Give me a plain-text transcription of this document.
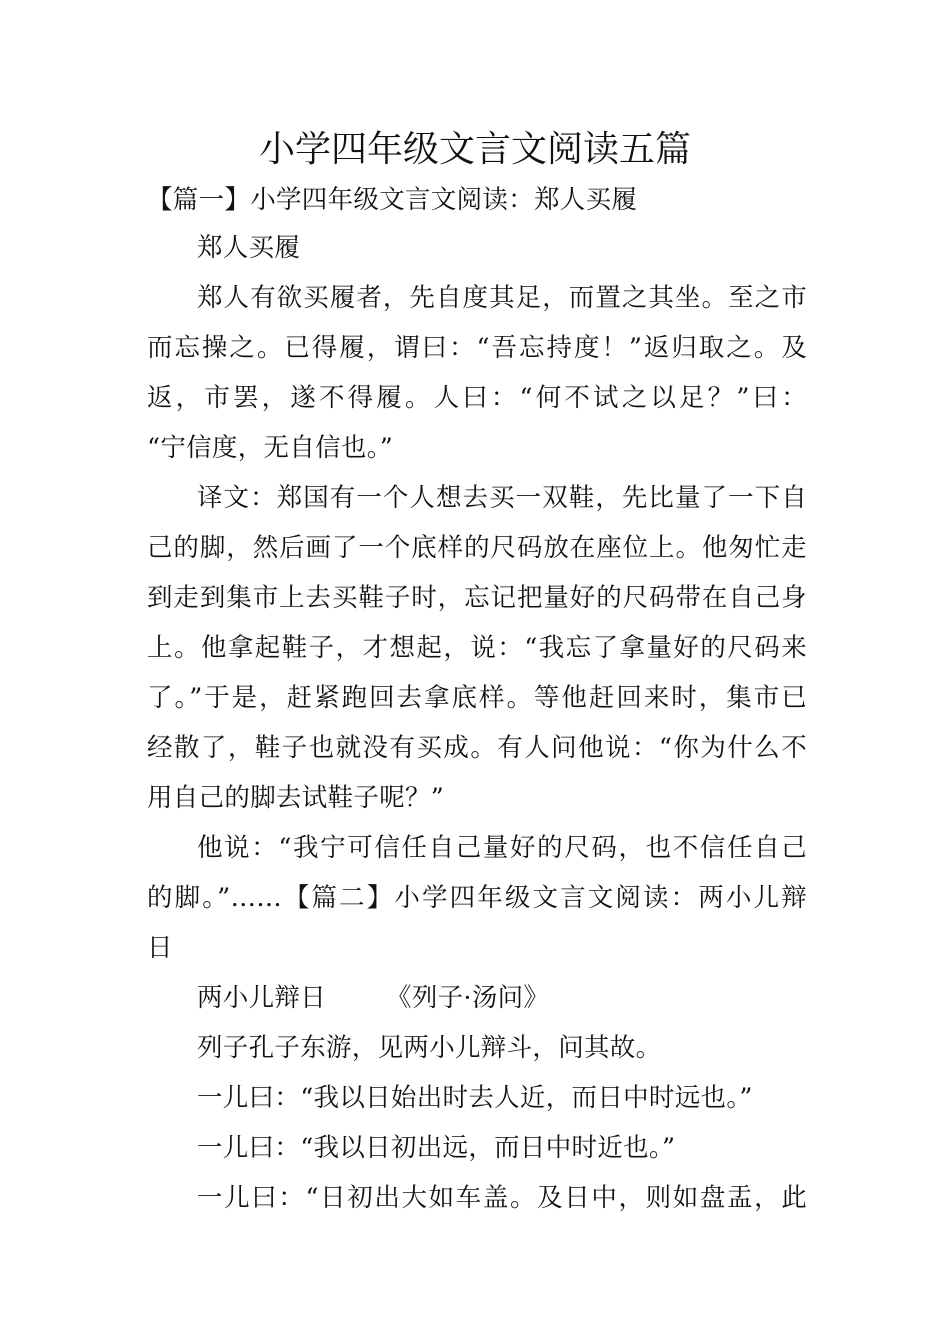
小学四年级文言文阅读五篇
【篇一】小学四年级文言文阅读：郑人买履
郑人买履
郑人有欲买履者，先自度其足，而置之其坐。至之市
而忘操之。已得履，谓曰：“吾忘持度！”返归取之。及
返，市罢，遂不得履。人曰：“何不试之以足？”曰：
“宁信度，无自信也。”
译文：郑国有一个人想去买一双鞋，先比量了一下自
己的脚，然后画了一个底样的尺码放在座位上。他匆忙走
到走到集市上去买鞋子时，忘记把量好的尺码带在自己身
上。他拿起鞋子，才想起，说：“我忘了拿量好的尺码来
了。”于是，赶紧跑回去拿底样。等他赶回来时，集市已
经散了，鞋子也就没有买成。有人问他说：“你为什么不
用自己的脚去试鞋子呢？”
他说：“我宁可信任自己量好的尺码，也不信任自己
的脚。”……【篇二】小学四年级文言文阅读：两小儿辩
日
两小儿辩日 《列子·汤问》
列子孔子东游，见两小儿辩斗，问其故。
一儿曰：“我以日始出时去人近，而日中时远也。”
一儿曰：“我以日初出远，而日中时近也。”
一儿曰：“日初出大如车盖。及日中，则如盘盂，此
